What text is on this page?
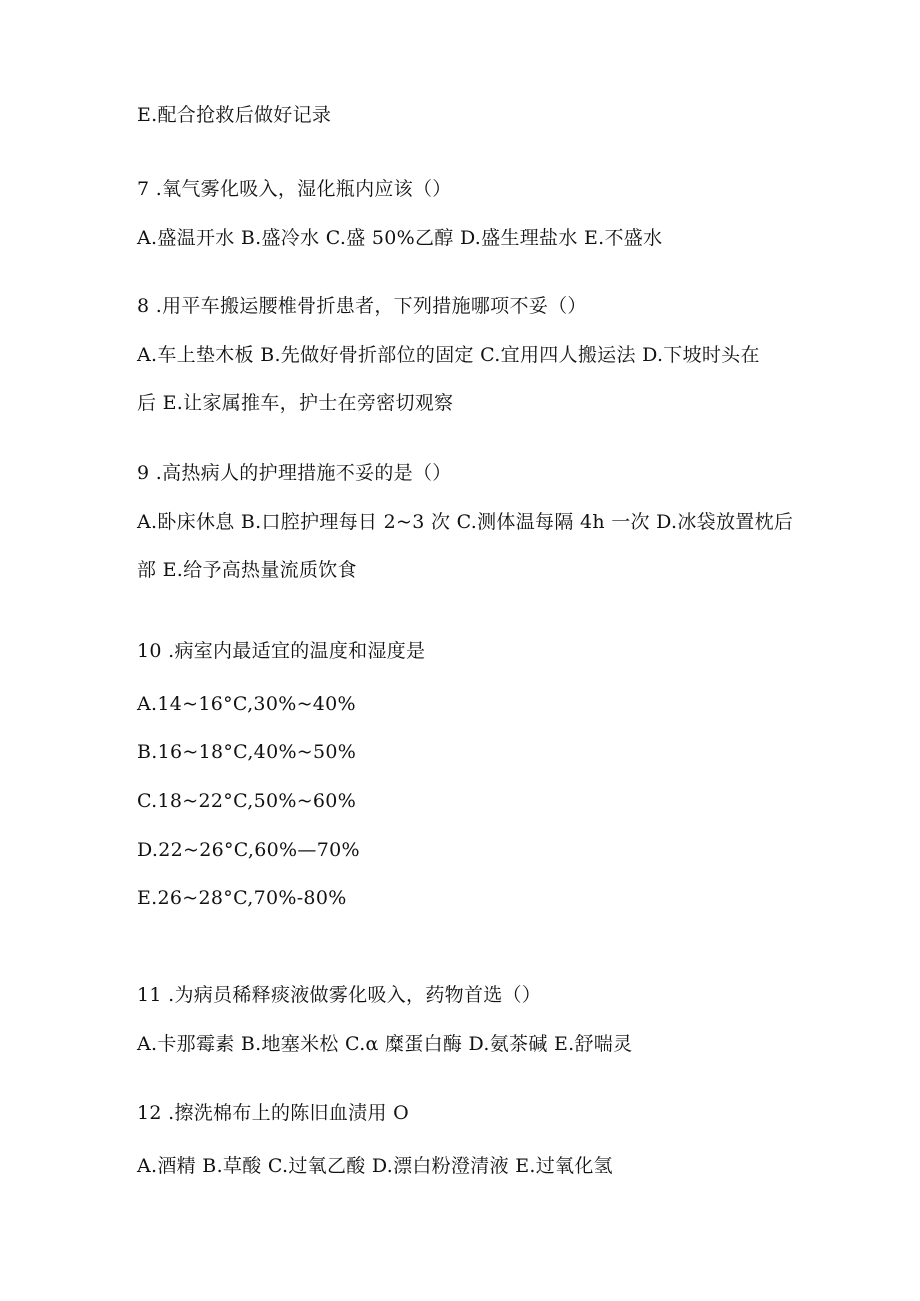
E.配合抢救后做好记录
7 .氧气雾化吸入，湿化瓶内应该（）
A.盛温开水 B.盛冷水 C.盛 50%乙醇 D.盛生理盐水 E.不盛水
8 .用平车搬运腰椎骨折患者，下列措施哪项不妥（）
A.车上垫木板 B.先做好骨折部位的固定 C.宜用四人搬运法 D.下坡时头在
后 E.让家属推车，护士在旁密切观察
9 .高热病人的护理措施不妥的是（）
A.卧床休息 B.口腔护理每日 2~3 次 C.测体温每隔 4h 一次 D.冰袋放置枕后
部 E.给予高热量流质饮食
10 .病室内最适宜的温度和湿度是
A.14~16°C,30%~40%
B.16~18°C,40%~50%
C.18~22°C,50%~60%
D.22~26°C,60%—70%
E.26~28°C,70%-80%
11 .为病员稀释痰液做雾化吸入，药物首选（）
A.卡那霉素 B.地塞米松 C.α 糜蛋白酶 D.氨茶碱 E.舒喘灵
12 .擦洗棉布上的陈旧血渍用 O
A.酒精 B.草酸 C.过氧乙酸 D.漂白粉澄清液 E.过氧化氢
